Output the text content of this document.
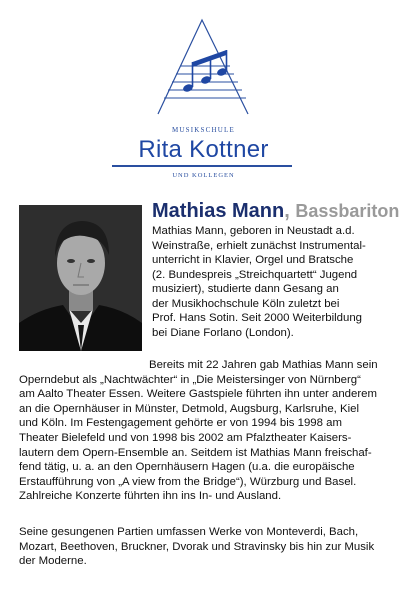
MUSIKSCHULE
Rita Kottner
UND KOLLEGEN
Mathias Mann, Bassbariton
Mathias Mann, geboren in Neustadt a.d.
Weinstraße, erhielt zunächst Instrumental-
unterricht in Klavier, Orgel und Bratsche
(2. Bundespreis „Streichquartett“ Jugend
musiziert), studierte dann Gesang an
der Musikhochschule Köln zuletzt bei
Prof. Hans Sotin. Seit 2000 Weiterbildung
bei Diane Forlano (London).
Bereits mit 22 Jahren gab Mathias Mann sein
Operndebut als „Nachtwächter“ in „Die Meistersinger von Nürnberg“
am Aalto Theater Essen. Weitere Gastspiele führten ihn unter anderem
an die Opernhäuser in Münster, Detmold, Augsburg, Karlsruhe, Kiel
und Köln. Im Festengagement gehörte er von 1994 bis 1998 am
Theater Bielefeld und von 1998 bis 2002 am Pfalztheater Kaisers-
lautern dem Opern-Ensemble an. Seitdem ist Mathias Mann freischaf-
fend tätig, u. a. an den Opernhäusern Hagen (u.a. die europäische
Erstaufführung von „A view from the Bridge“), Würzburg und Basel.
Zahlreiche Konzerte führten ihn ins In- und Ausland.
Seine gesungenen Partien umfassen Werke von Monteverdi, Bach,
Mozart, Beethoven, Bruckner, Dvorak und Stravinsky bis hin zur Musik
der Moderne.
